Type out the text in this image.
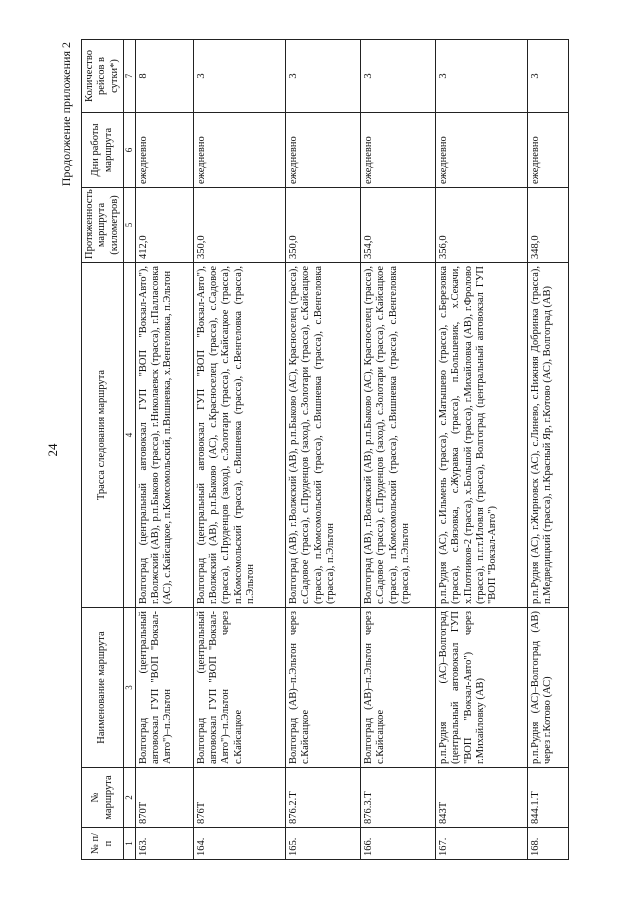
24
Продолжение приложения 2
№ п/п	№ маршрута	Наименование маршрута	Трасса следования маршрута	Протяженность маршрута (километров)	Дни работы маршрута	Количество рейсов в сутки*)
1	2	3	4	5	6	7
163.	870Т	Волгоград (центральный автовокзал ГУП "ВОП "Вокзал-Авто")–п.Эльтон	Волгоград (центральный автовокзал ГУП "ВОП "Вокзал-Авто"), г.Волжский (АВ), р.п.Быково (трасса), г.Николаевск (трасса), г.Палласовка (АС), с.Кайсацкое, п.Комсомольский, п.Вишневка, х.Венгеловка, п.Эльтон	412,0	ежедневно	8
164.	876Т	Волгоград (центральный автовокзал ГУП "ВОП "Вокзал-Авто")–п.Эльтон через с.Кайсацкое	Волгоград (центральный автовокзал ГУП "ВОП "Вокзал-Авто"), г.Волжский (АВ), р.п.Быково (АС), с.Красноселец (трасса), с.Садовое (трасса), с.Пруденцов (заход), с.Золотари (трасса), с.Кайсацкое (трасса), п.Комсомольский (трасса), с.Вишневка (трасса), с.Венгеловка (трасса), п.Эльтон	350,0	ежедневно	3
165.	876.2.Т	Волгоград (АВ)–п.Эльтон через с.Кайсацкое	Волгоград (АВ), г.Волжский (АВ), р.п.Быково (АС), Красноселец (трасса), с.Садовое (трасса), с.Пруденцов (заход), с.Золотари (трасса), с.Кайсацкое (трасса), п.Комсомольский (трасса), с.Вишневка (трасса), с.Венгеловка (трасса), п.Эльтон	350,0	ежедневно	3
166.	876.3.Т	Волгоград (АВ)–п.Эльтон через с.Кайсацкое	Волгоград (АВ), г.Волжский (АВ), р.п.Быково (АС), Красноселец (трасса), с.Садовое (трасса), с.Пруденцов (заход), с.Золотари (трасса), с.Кайсацкое (трасса), п.Комсомольский (трасса), с.Вишневка (трасса), с.Венгеловка (трасса), п.Эльтон	354,0	ежедневно	3
167.	843Т	р.п.Рудня (АС)–Волгоград (центральный автовокзал ГУП "ВОП "Вокзал-Авто") через г.Михайловку (АВ)	р.п.Рудня (АС), с.Ильмень (трасса), с.Матышево (трасса), с.Березовка (трасса), с.Вязовка, с.Журавка (трасса), п.Большевик, х.Секачи, х.Плотников-2 (трасса), х.Большой (трасса), г.Михайловка (АВ), г.Фролово (трасса), п.г.т.Иловля (трасса), Волгоград (центральный автовокзал ГУП "ВОП "Вокзал-Авто")	356,0	ежедневно	3
168.	844.1.Т	р.п.Рудня (АС)–Волгоград (АВ) через г.Котово (АС)	р.п.Рудня (АС), г.Жирновск (АС), с.Линево, с.Нижняя Добринка (трасса), п.Медведицкий (трасса), п.Красный Яр, г.Котово (АС), Волгоград (АВ)	348,0	ежедневно	3
